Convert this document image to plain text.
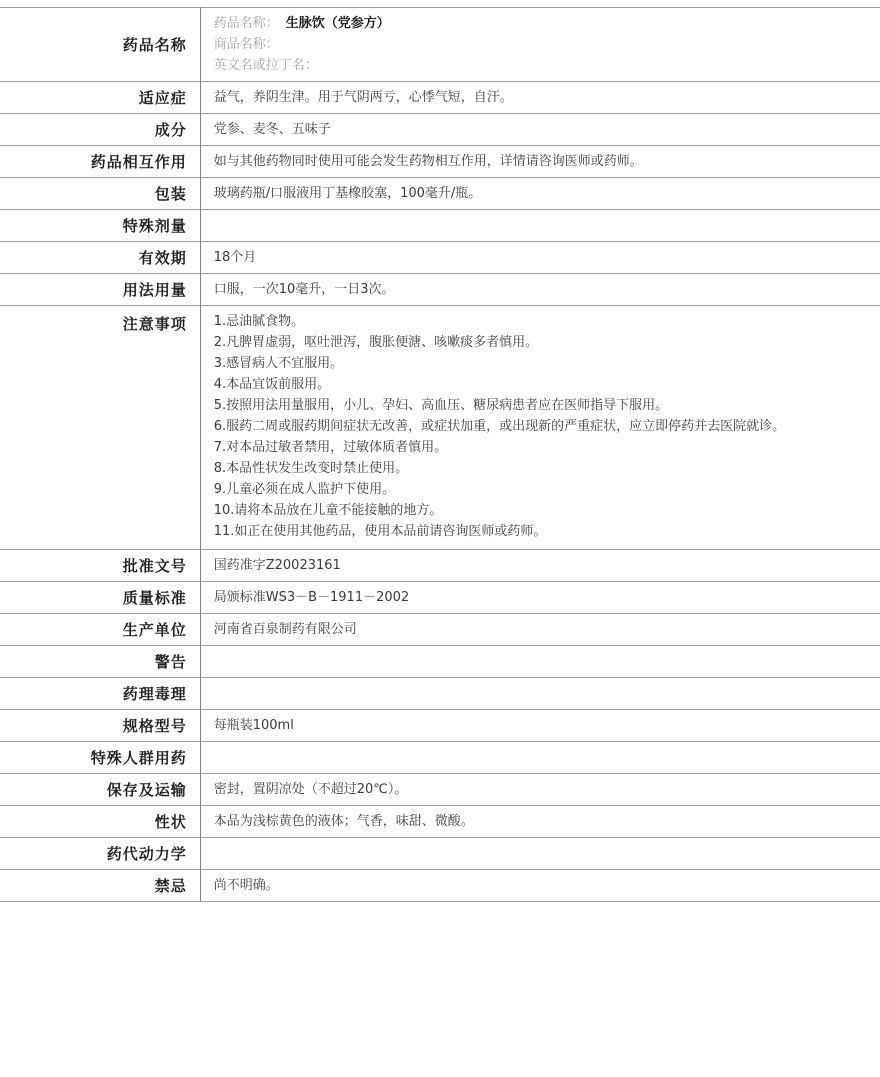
药品名称	药品名称： 生脉饮（党参方）
商品名称：
英文名或拉丁名：

适应症	益气，养阴生津。用于气阴两亏，心悸气短，自汗。
成分	党参、麦冬、五味子
药品相互作用	如与其他药物同时使用可能会发生药物相互作用，详情请咨询医师或药师。
包装	玻璃药瓶/口服液用丁基橡胶塞，100毫升/瓶。
特殊剂量	
有效期	18个月
用法用量	口服，一次10毫升，一日3次。
注意事项	1.忌油腻食物。
2.凡脾胃虚弱，呕吐泄泻，腹胀便溏、咳嗽痰多者慎用。
3.感冒病人不宜服用。
4.本品宜饭前服用。
5.按照用法用量服用，小儿、孕妇、高血压、糖尿病患者应在医师指导下服用。
6.服药二周或服药期间症状无改善，或症状加重，或出现新的严重症状，应立即停药并去医院就诊。
7.对本品过敏者禁用，过敏体质者慎用。
8.本品性状发生改变时禁止使用。
9.儿童必须在成人监护下使用。
10.请将本品放在儿童不能接触的地方。
11.如正在使用其他药品，使用本品前请咨询医师或药师。

批准文号	国药准字Z20023161
质量标准	局颁标准WS3－B－1911－2002
生产单位	河南省百泉制药有限公司
警告	
药理毒理	
规格型号	每瓶装100ml
特殊人群用药	
保存及运输	密封，置阴凉处（不超过20℃）。
性状	本品为浅棕黄色的液体；气香，味甜、微酸。
药代动力学	
禁忌	尚不明确。
